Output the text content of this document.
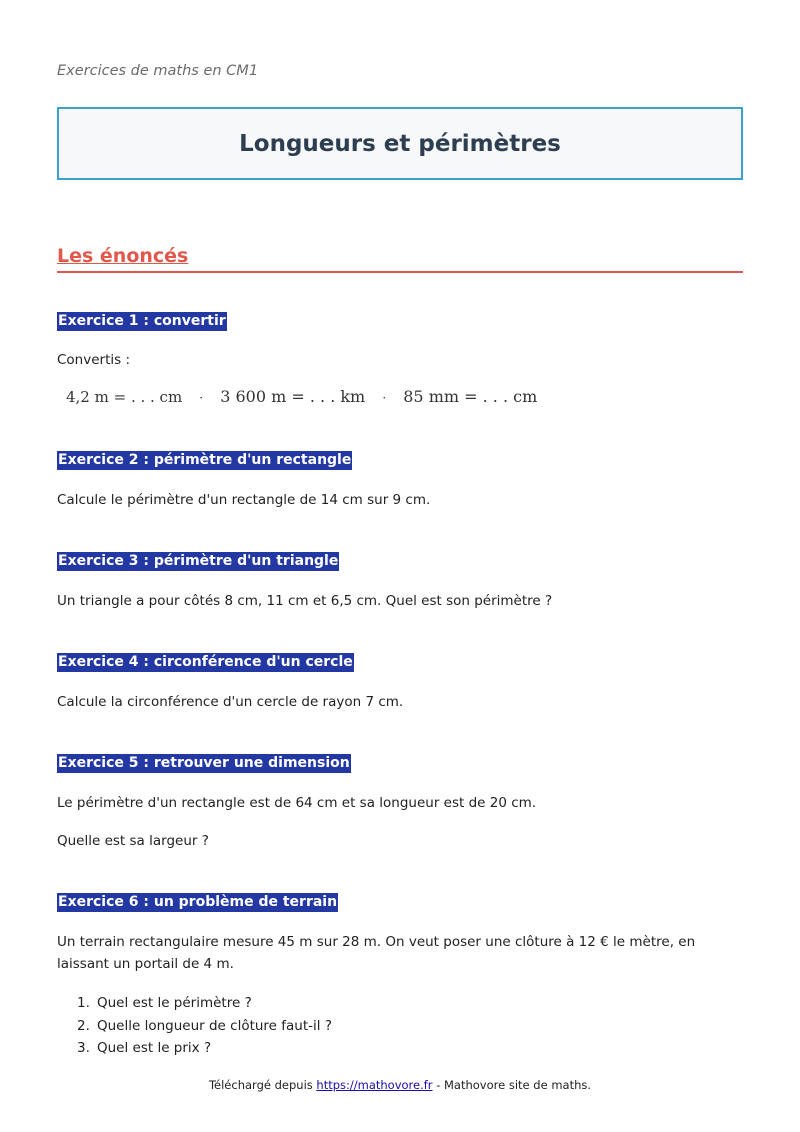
Exercices de maths en CM1
Longueurs et périmètres
Les énoncés
Exercice 1 : convertir
Convertis :
4,2 m = . . . cm · 3 600 m = . . . km · 85 mm = . . . cm
Exercice 2 : périmètre d'un rectangle
Calcule le périmètre d'un rectangle de 14 cm sur 9 cm.
Exercice 3 : périmètre d'un triangle
Un triangle a pour côtés 8 cm, 11 cm et 6,5 cm. Quel est son périmètre ?
Exercice 4 : circonférence d'un cercle
Calcule la circonférence d'un cercle de rayon 7 cm.
Exercice 5 : retrouver une dimension
Le périmètre d'un rectangle est de 64 cm et sa longueur est de 20 cm.
Quelle est sa largeur ?
Exercice 6 : un problème de terrain
Un terrain rectangulaire mesure 45 m sur 28 m. On veut poser une clôture à 12 € le mètre, en laissant un portail de 4 m.
1. Quel est le périmètre ?
2. Quelle longueur de clôture faut-il ?
3. Quel est le prix ?
Téléchargé depuis https://mathovore.fr - Mathovore site de maths.
